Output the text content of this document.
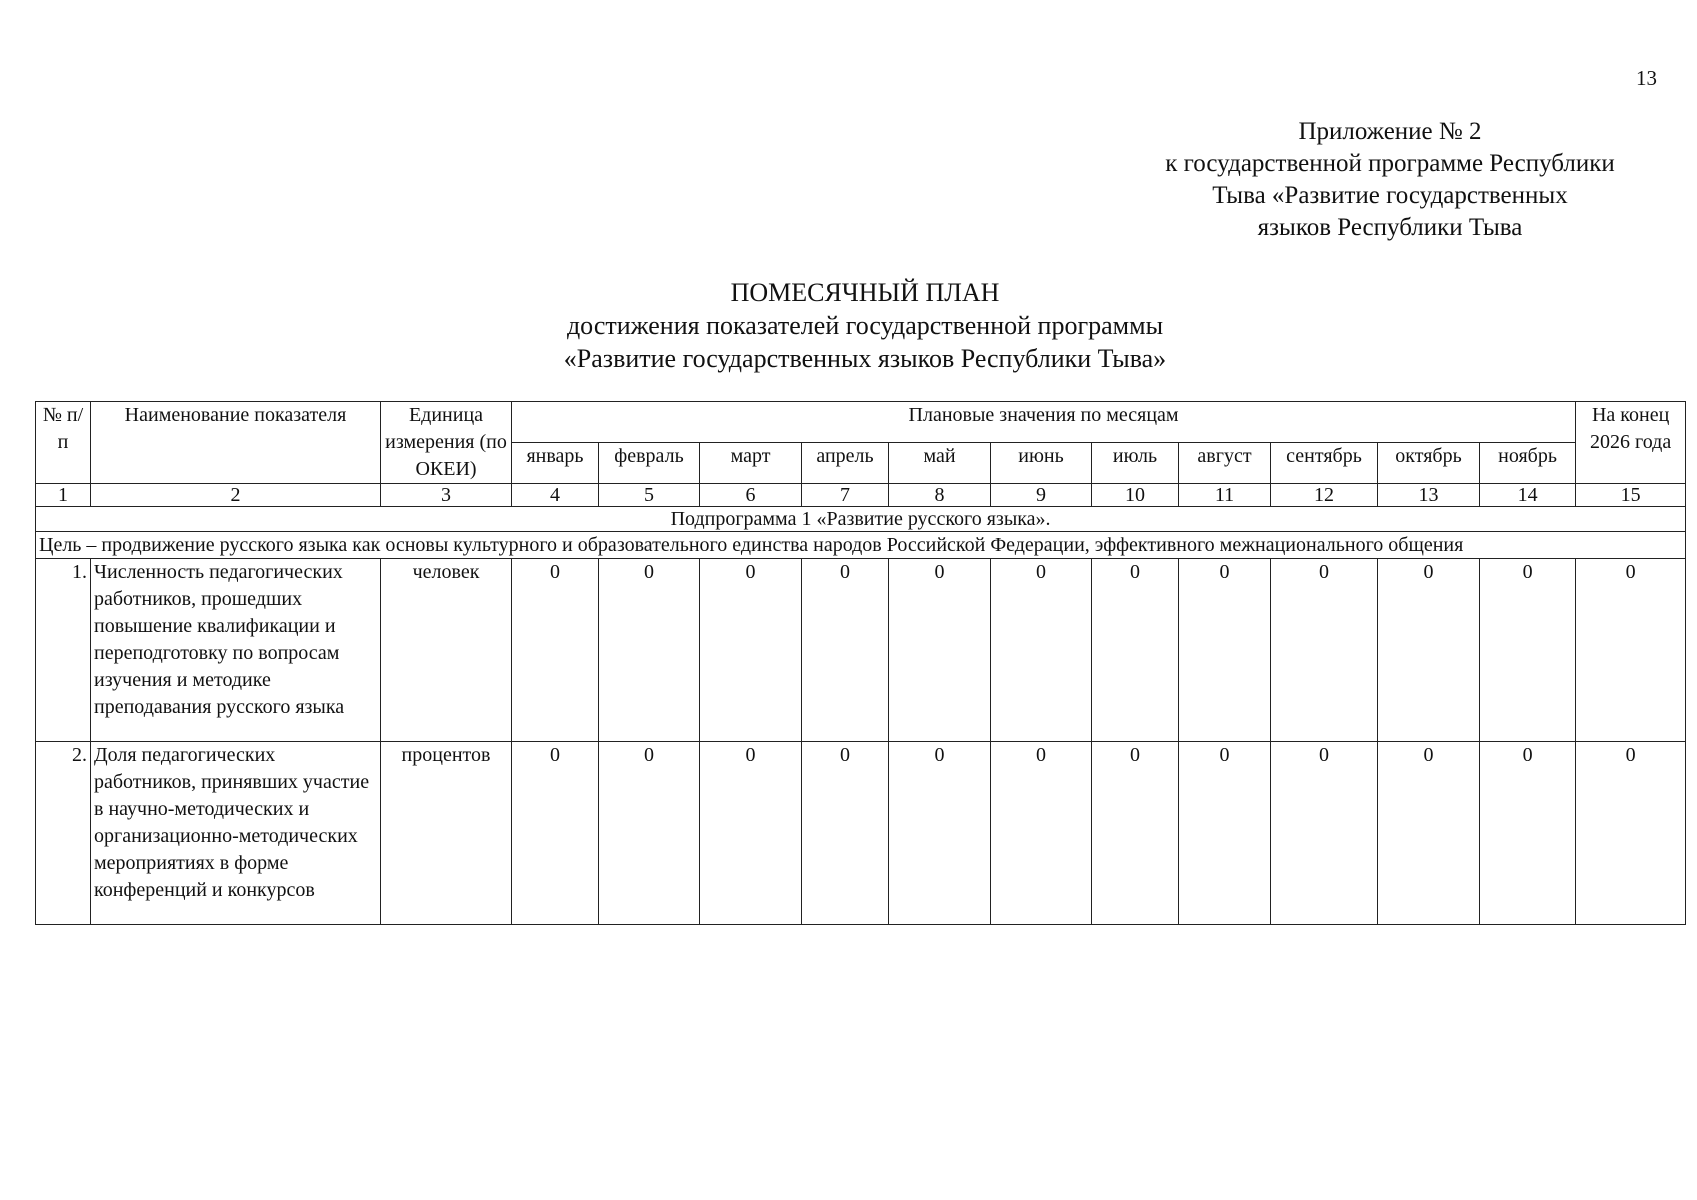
13
Приложение № 2
к государственной программе Республики
Тыва «Развитие государственных
языков Республики Тыва
ПОМЕСЯЧНЫЙ ПЛАН
достижения показателей государственной программы
«Развитие государственных языков Республики Тыва»
№ п/п	Наименование показателя	Единица измерения (по ОКЕИ)	Плановые значения по месяцам											На конец 2026 года
			январь	февраль	март	апрель	май	июнь	июль	август	сентябрь	октябрь	ноябрь	
1	2	3	4	5	6	7	8	9	10	11	12	13	14	15
Подпрограмма 1 «Развитие русского языка».														
Цель – продвижение русского языка как основы культурного и образовательного единства народов Российской Федерации, эффективного межнационального общения														
1.	Численность педагогических работников, прошедших повышение квалификации и переподготовку по вопросам изучения и методике преподавания русского языка	человек	0	0	0	0	0	0	0	0	0	0	0	0
2.	Доля педагогических работников, принявших участие в научно-методических и организационно-методических мероприятиях в форме конференций и конкурсов	процентов	0	0	0	0	0	0	0	0	0	0	0	0
